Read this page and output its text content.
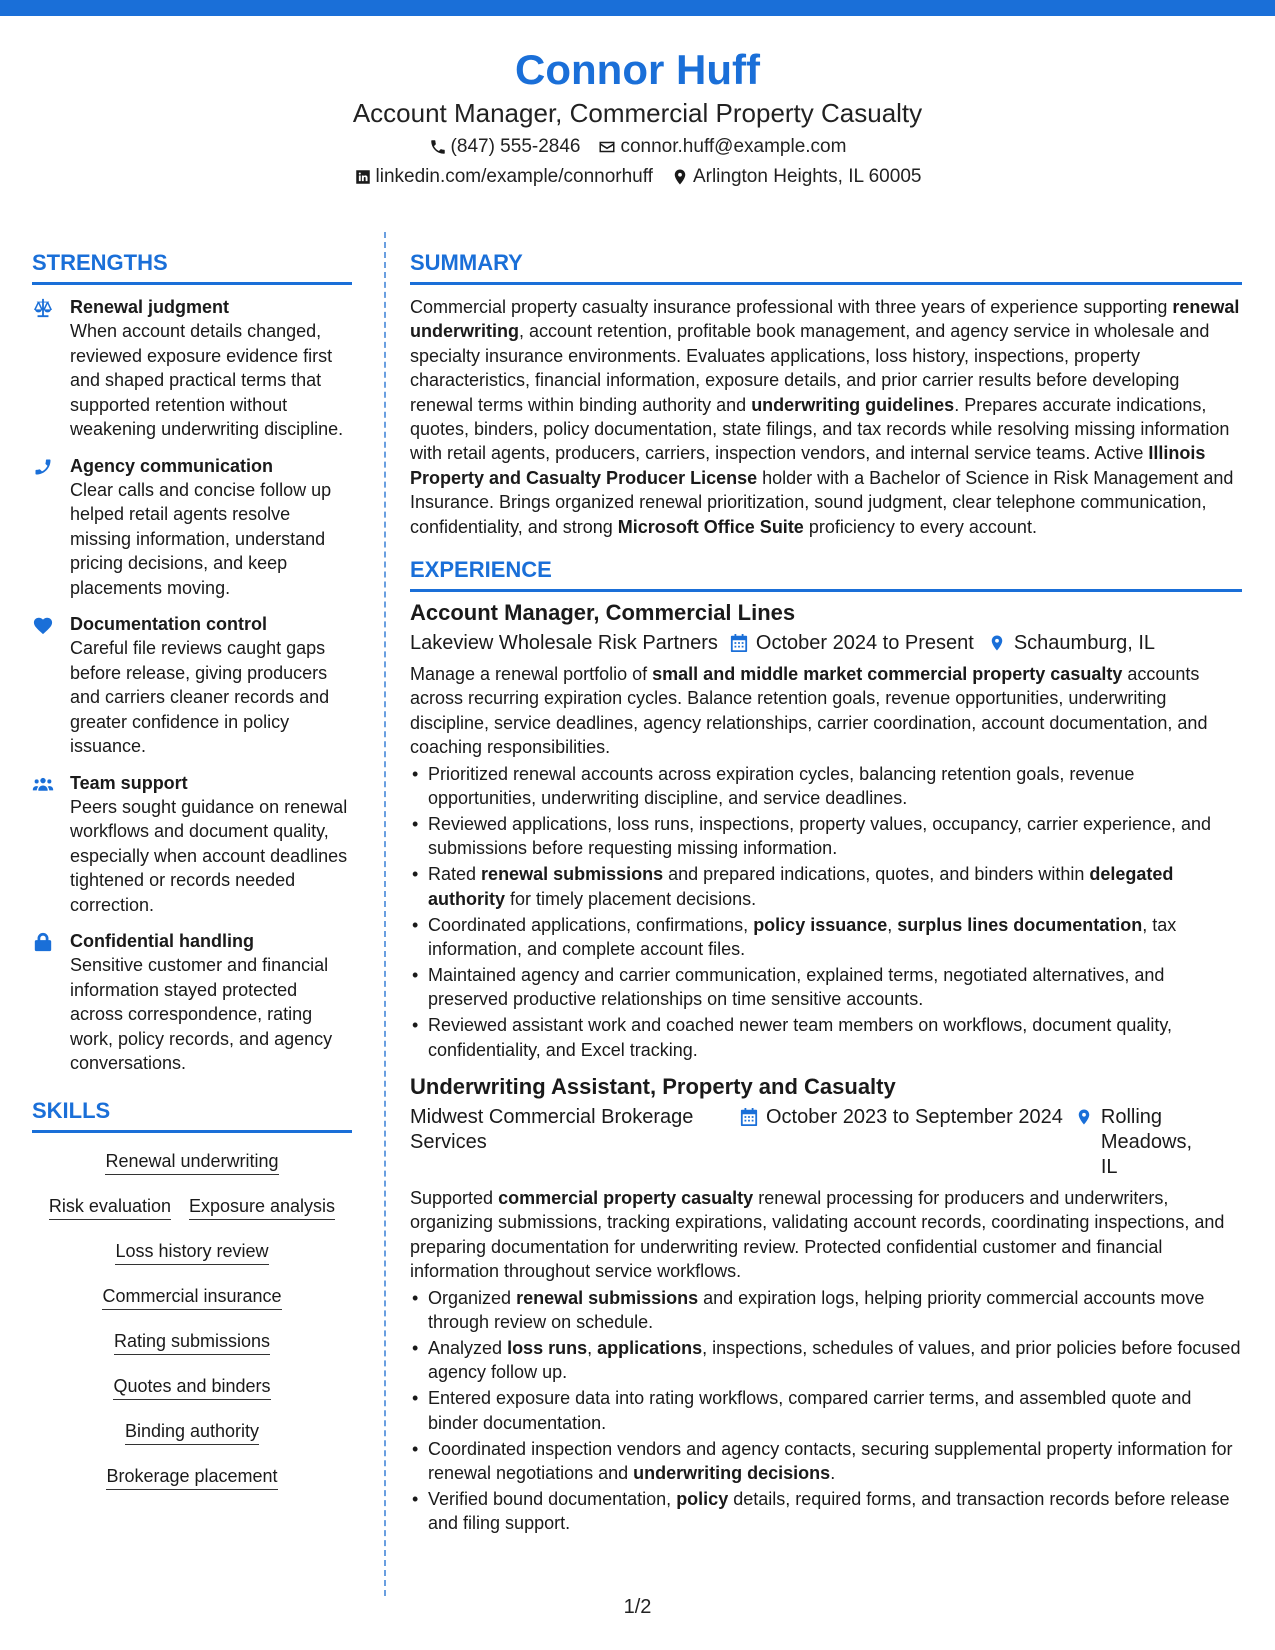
Connor Huff
Account Manager, Commercial Property Casualty
(847) 555-2846 connor.huff@example.com
linkedin.com/example/connorhuff Arlington Heights, IL 60005
STRENGTHS
Renewal judgment
When account details changed, reviewed exposure evidence first and shaped practical terms that supported retention without weakening underwriting discipline.
Agency communication
Clear calls and concise follow up helped retail agents resolve missing information, understand pricing decisions, and keep placements moving.
Documentation control
Careful file reviews caught gaps before release, giving producers and carriers cleaner records and greater confidence in policy issuance.
Team support
Peers sought guidance on renewal workflows and document quality, especially when account deadlines tightened or records needed correction.
Confidential handling
Sensitive customer and financial information stayed protected across correspondence, rating work, policy records, and agency conversations.
SKILLS
Renewal underwriting
Risk evaluation Exposure analysis
Loss history review
Commercial insurance
Rating submissions
Quotes and binders
Binding authority
Brokerage placement
SUMMARY
Commercial property casualty insurance professional with three years of experience supporting renewal underwriting, account retention, profitable book management, and agency service in wholesale and specialty insurance environments. Evaluates applications, loss history, inspections, property characteristics, financial information, exposure details, and prior carrier results before developing renewal terms within binding authority and underwriting guidelines. Prepares accurate indications, quotes, binders, policy documentation, state filings, and tax records while resolving missing information with retail agents, producers, carriers, inspection vendors, and internal service teams. Active Illinois Property and Casualty Producer License holder with a Bachelor of Science in Risk Management and Insurance. Brings organized renewal prioritization, sound judgment, clear telephone communication, confidentiality, and strong Microsoft Office Suite proficiency to every account.
EXPERIENCE
Account Manager, Commercial Lines
Lakeview Wholesale Risk Partners October 2024 to Present Schaumburg, IL
Manage a renewal portfolio of small and middle market commercial property casualty accounts across recurring expiration cycles. Balance retention goals, revenue opportunities, underwriting discipline, service deadlines, agency relationships, carrier coordination, account documentation, and coaching responsibilities.
• Prioritized renewal accounts across expiration cycles, balancing retention goals, revenue opportunities, underwriting discipline, and service deadlines.
• Reviewed applications, loss runs, inspections, property values, occupancy, carrier experience, and submissions before requesting missing information.
• Rated renewal submissions and prepared indications, quotes, and binders within delegated authority for timely placement decisions.
• Coordinated applications, confirmations, policy issuance, surplus lines documentation, tax information, and complete account files.
• Maintained agency and carrier communication, explained terms, negotiated alternatives, and preserved productive relationships on time sensitive accounts.
• Reviewed assistant work and coached newer team members on workflows, document quality, confidentiality, and Excel tracking.
Underwriting Assistant, Property and Casualty
Midwest Commercial Brokerage Services
October 2023 to September 2024 Rolling Meadows, IL
Supported commercial property casualty renewal processing for producers and underwriters, organizing submissions, tracking expirations, validating account records, coordinating inspections, and preparing documentation for underwriting review. Protected confidential customer and financial information throughout service workflows.
• Organized renewal submissions and expiration logs, helping priority commercial accounts move through review on schedule.
• Analyzed loss runs, applications, inspections, schedules of values, and prior policies before focused agency follow up.
• Entered exposure data into rating workflows, compared carrier terms, and assembled quote and binder documentation.
• Coordinated inspection vendors and agency contacts, securing supplemental property information for renewal negotiations and underwriting decisions.
• Verified bound documentation, policy details, required forms, and transaction records before release and filing support.
1/2
